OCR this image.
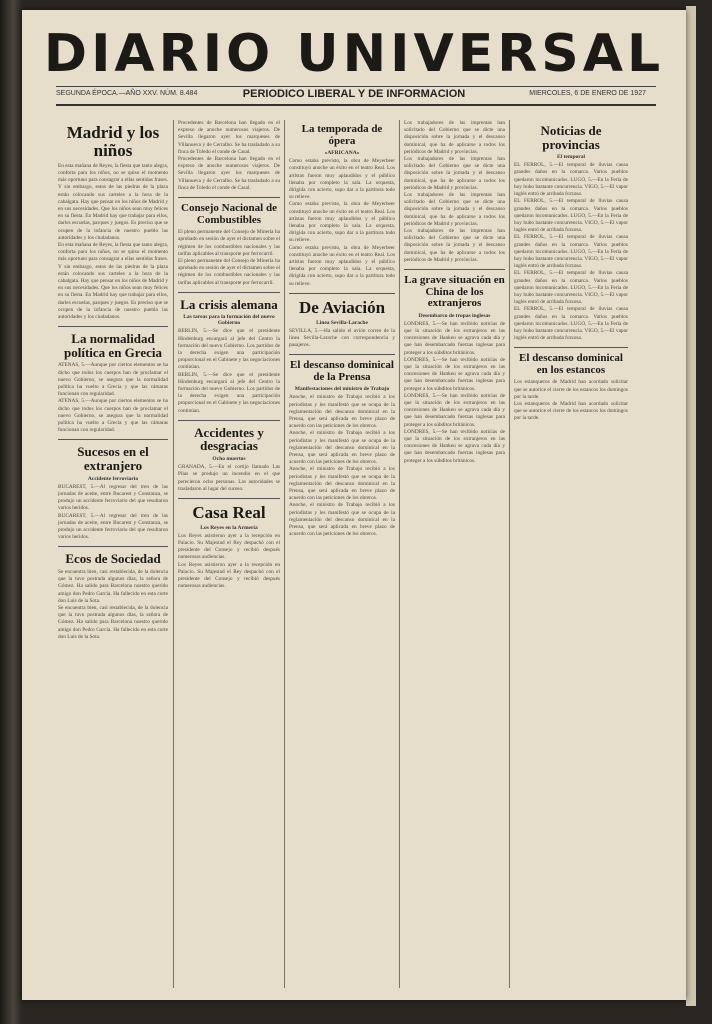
DIARIO UNIVERSAL
SEGUNDA ÉPOCA.—AÑO XXV. NÚM. 8.484	PERIODICO LIBERAL Y DE INFORMACION	MIERCOLES, 6 DE ENERO DE 1927
Madrid y los niños

En esta mañana de Reyes, la fiesta que tanto alegra, conforta para los niños, no se quiso el momento más oportuno para consagrar a ellas sentidas frases. Y sin embargo, estos de las piedras de la plaza están colocando sus carteles a la hora de la cabalgata. Hay que pensar en los niños de Madrid y en sus necesidades. Que los niños sean muy felices en su fiesta. En Madrid hay que trabajar para ellos, darles escuelas, parques y juegos. Es preciso que se ocupen de la infancia de nuestro pueblo las autoridades y los ciudadanos.

En esta mañana de Reyes, la fiesta que tanto alegra, conforta para los niños, no se quiso el momento más oportuno para consagrar a ellas sentidas frases. Y sin embargo, estos de las piedras de la plaza están colocando sus carteles a la hora de la cabalgata. Hay que pensar en los niños de Madrid y en sus necesidades. Que los niños sean muy felices en su fiesta. En Madrid hay que trabajar para ellos, darles escuelas, parques y juegos. Es preciso que se ocupen de la infancia de nuestro pueblo las autoridades y los ciudadanos.

La normalidad política en Grecia

ATENAS, 5.—Aunque por ciertos elementos se ha dicho que todos los cuerpos han de proclamar el nuevo Gobierno, se asegura que la normalidad política ha vuelto a Grecia y que las cámaras funcionan con regularidad.

ATENAS, 5.—Aunque por ciertos elementos se ha dicho que todos los cuerpos han de proclamar el nuevo Gobierno, se asegura que la normalidad política ha vuelto a Grecia y que las cámaras funcionan con regularidad.

Sucesos en el extranjero
Accidente ferroviario

BUCAREST, 5.—Al regresar del tren de las jornadas de aceite, entre Bucarest y Constanza, se produjo un accidente ferroviario del que resultaron varios heridos.

BUCAREST, 5.—Al regresar del tren de las jornadas de aceite, entre Bucarest y Constanza, se produjo un accidente ferroviario del que resultaron varios heridos.

Ecos de Sociedad

Se encuentra bien, casi restablecida, de la dolencia que la tuvo postrada algunos días, la señora de Gómez. Ha salido para Barcelona nuestro querido amigo don Pedro García. Ha fallecido en esta corte don Luis de la Sota.

Se encuentra bien, casi restablecida, de la dolencia que la tuvo postrada algunos días, la señora de Gómez. Ha salido para Barcelona nuestro querido amigo don Pedro García. Ha fallecido en esta corte don Luis de la Sota.

Procedentes de Barcelona han llegado en el expreso de anoche numerosos viajeros. De Sevilla llegaron ayer los marqueses de Villanueva y de Cerralbo. Se ha trasladado a su finca de Toledo el conde de Casal.

Procedentes de Barcelona han llegado en el expreso de anoche numerosos viajeros. De Sevilla llegaron ayer los marqueses de Villanueva y de Cerralbo. Se ha trasladado a su finca de Toledo el conde de Casal.

Consejo Nacional de Combustibles

El pleno permanente del Consejo de Minería ha aprobado en sesión de ayer el dictamen sobre el régimen de los combustibles nacionales y las tarifas aplicables al transporte por ferrocarril.

El pleno permanente del Consejo de Minería ha aprobado en sesión de ayer el dictamen sobre el régimen de los combustibles nacionales y las tarifas aplicables al transporte por ferrocarril.

La crisis alemana
Las tareas para la formación del nuevo Gobierno

BERLIN, 5.—Se dice que el presidente Hindenburg encargará al jefe del Centro la formación del nuevo Gobierno. Los partidos de la derecha exigen una participación proporcional en el Gabinete y las negociaciones continúan.

BERLIN, 5.—Se dice que el presidente Hindenburg encargará al jefe del Centro la formación del nuevo Gobierno. Los partidos de la derecha exigen una participación proporcional en el Gabinete y las negociaciones continúan.

Accidentes y desgracias
Ocho muertos

GRANADA, 5.—En el cortijo llamado Las Pilas se produjo un incendio en el que perecieron ocho personas. Las autoridades se trasladaron al lugar del suceso.

Casa Real
Los Reyes en la Armería

Los Reyes asistieron ayer a la recepción en Palacio. Su Majestad el Rey despachó con el presidente del Consejo y recibió después numerosas audiencias.

Los Reyes asistieron ayer a la recepción en Palacio. Su Majestad el Rey despachó con el presidente del Consejo y recibió después numerosas audiencias.

La temporada de ópera
«AFRICANA»

Como estaba previsto, la obra de Meyerbeer constituyó anoche un éxito en el teatro Real. Los artistas fueron muy aplaudidos y el público llenaba por completo la sala. La orquesta, dirigida con acierto, supo dar a la partitura todo su relieve.

Como estaba previsto, la obra de Meyerbeer constituyó anoche un éxito en el teatro Real. Los artistas fueron muy aplaudidos y el público llenaba por completo la sala. La orquesta, dirigida con acierto, supo dar a la partitura todo su relieve.

Como estaba previsto, la obra de Meyerbeer constituyó anoche un éxito en el teatro Real. Los artistas fueron muy aplaudidos y el público llenaba por completo la sala. La orquesta, dirigida con acierto, supo dar a la partitura todo su relieve.

De Aviación
Linea Sevilla-Larache

SEVILLA, 5.—Ha salido el avión correo de la línea Sevilla-Larache con correspondencia y pasajeros.

El descanso dominical de la Prensa
Manifestaciones del ministro de Trabajo

Anoche, el ministro de Trabajo recibió a los periodistas y les manifestó que se ocupa de la reglamentación del descanso dominical en la Prensa, que será aplicada en breve plazo de acuerdo con las peticiones de los obreros.

Anoche, el ministro de Trabajo recibió a los periodistas y les manifestó que se ocupa de la reglamentación del descanso dominical en la Prensa, que será aplicada en breve plazo de acuerdo con las peticiones de los obreros.

Anoche, el ministro de Trabajo recibió a los periodistas y les manifestó que se ocupa de la reglamentación del descanso dominical en la Prensa, que será aplicada en breve plazo de acuerdo con las peticiones de los obreros.

Anoche, el ministro de Trabajo recibió a los periodistas y les manifestó que se ocupa de la reglamentación del descanso dominical en la Prensa, que será aplicada en breve plazo de acuerdo con las peticiones de los obreros.

Los trabajadores de las imprentas han solicitado del Gobierno que se dicte una disposición sobre la jornada y el descanso dominical, que ha de aplicarse a todos los periódicos de Madrid y provincias.

Los trabajadores de las imprentas han solicitado del Gobierno que se dicte una disposición sobre la jornada y el descanso dominical, que ha de aplicarse a todos los periódicos de Madrid y provincias.

Los trabajadores de las imprentas han solicitado del Gobierno que se dicte una disposición sobre la jornada y el descanso dominical, que ha de aplicarse a todos los periódicos de Madrid y provincias.

Los trabajadores de las imprentas han solicitado del Gobierno que se dicte una disposición sobre la jornada y el descanso dominical, que ha de aplicarse a todos los periódicos de Madrid y provincias.

La grave situación en China de los extranjeros
Desembarco de tropas inglesas

LONDRES, 5.—Se han recibido noticias de que la situación de los extranjeros en las concesiones de Hankeu se agrava cada día y que han desembarcado fuerzas inglesas para proteger a los súbditos británicos.

LONDRES, 5.—Se han recibido noticias de que la situación de los extranjeros en las concesiones de Hankeu se agrava cada día y que han desembarcado fuerzas inglesas para proteger a los súbditos británicos.

LONDRES, 5.—Se han recibido noticias de que la situación de los extranjeros en las concesiones de Hankeu se agrava cada día y que han desembarcado fuerzas inglesas para proteger a los súbditos británicos.

LONDRES, 5.—Se han recibido noticias de que la situación de los extranjeros en las concesiones de Hankeu se agrava cada día y que han desembarcado fuerzas inglesas para proteger a los súbditos británicos.

Noticias de provincias
El temporal

EL FERROL, 5.—El temporal de lluvias causa grandes daños en la comarca. Varios pueblos quedaron incomunicados. LUGO, 5.—En la Feria de hoy hubo bastante concurrencia. VIGO, 5.—El vapor inglés entró de arribada forzosa.

EL FERROL, 5.—El temporal de lluvias causa grandes daños en la comarca. Varios pueblos quedaron incomunicados. LUGO, 5.—En la Feria de hoy hubo bastante concurrencia. VIGO, 5.—El vapor inglés entró de arribada forzosa.

EL FERROL, 5.—El temporal de lluvias causa grandes daños en la comarca. Varios pueblos quedaron incomunicados. LUGO, 5.—En la Feria de hoy hubo bastante concurrencia. VIGO, 5.—El vapor inglés entró de arribada forzosa.

EL FERROL, 5.—El temporal de lluvias causa grandes daños en la comarca. Varios pueblos quedaron incomunicados. LUGO, 5.—En la Feria de hoy hubo bastante concurrencia. VIGO, 5.—El vapor inglés entró de arribada forzosa.

EL FERROL, 5.—El temporal de lluvias causa grandes daños en la comarca. Varios pueblos quedaron incomunicados. LUGO, 5.—En la Feria de hoy hubo bastante concurrencia. VIGO, 5.—El vapor inglés entró de arribada forzosa.

El descanso dominical en los estancos

Los estanqueros de Madrid han acordado solicitar que se autorice el cierre de los estancos los domingos por la tarde.

Los estanqueros de Madrid han acordado solicitar que se autorice el cierre de los estancos los domingos por la tarde.
